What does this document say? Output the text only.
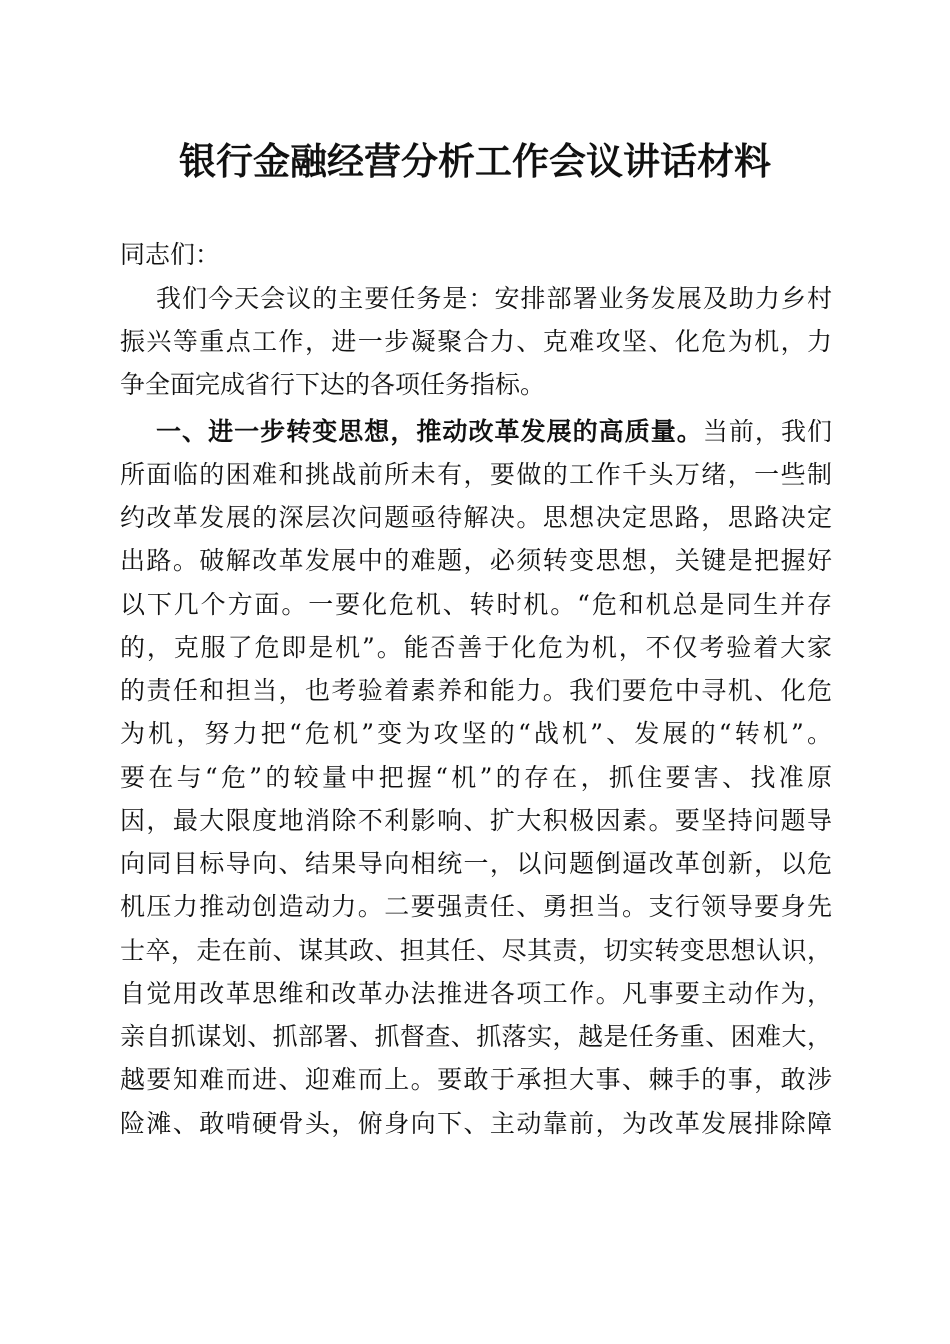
银行金融经营分析工作会议讲话材料
同志们：
我们今天会议的主要任务是：安排部署业务发展及助力乡村
振兴等重点工作，进一步凝聚合力、克难攻坚、化危为机，力
争全面完成省行下达的各项任务指标。
一、进一步转变思想，推动改革发展的高质量。当前，我们
所面临的困难和挑战前所未有，要做的工作千头万绪，一些制
约改革发展的深层次问题亟待解决。思想决定思路，思路决定
出路。破解改革发展中的难题，必须转变思想，关键是把握好
以下几个方面。一要化危机、转时机。“危和机总是同生并存
的，克服了危即是机”。能否善于化危为机，不仅考验着大家
的责任和担当，也考验着素养和能力。我们要危中寻机、化危
为机，努力把“危机”变为攻坚的“战机”、发展的“转机”。
要在与“危”的较量中把握“机”的存在，抓住要害、找准原
因，最大限度地消除不利影响、扩大积极因素。要坚持问题导
向同目标导向、结果导向相统一，以问题倒逼改革创新，以危
机压力推动创造动力。二要强责任、勇担当。支行领导要身先
士卒，走在前、谋其政、担其任、尽其责，切实转变思想认识，
自觉用改革思维和改革办法推进各项工作。凡事要主动作为，
亲自抓谋划、抓部署、抓督查、抓落实，越是任务重、困难大，
越要知难而进、迎难而上。要敢于承担大事、棘手的事，敢涉
险滩、敢啃硬骨头，俯身向下、主动靠前，为改革发展排除障
